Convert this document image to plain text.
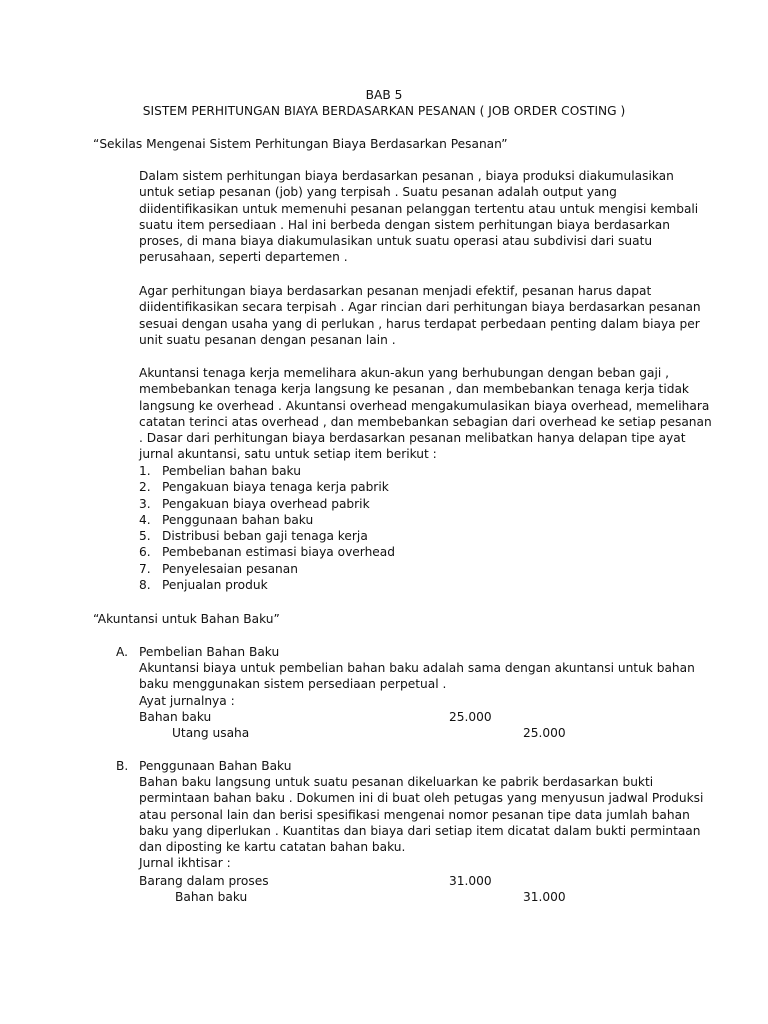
BAB 5
SISTEM PERHITUNGAN BIAYA BERDASARKAN PESANAN ( JOB ORDER COSTING )
“Sekilas Mengenai Sistem Perhitungan Biaya Berdasarkan Pesanan”
Dalam sistem perhitungan biaya berdasarkan pesanan , biaya produksi diakumulasikan
untuk setiap pesanan (job) yang terpisah . Suatu pesanan adalah output yang
diidentifikasikan untuk memenuhi pesanan pelanggan tertentu atau untuk mengisi kembali
suatu item persediaan . Hal ini berbeda dengan sistem perhitungan biaya berdasarkan
proses, di mana biaya diakumulasikan untuk suatu operasi atau subdivisi dari suatu
perusahaan, seperti departemen .
Agar perhitungan biaya berdasarkan pesanan menjadi efektif, pesanan harus dapat
diidentifikasikan secara terpisah . Agar rincian dari perhitungan biaya berdasarkan pesanan
sesuai dengan usaha yang di perlukan , harus terdapat perbedaan penting dalam biaya per
unit suatu pesanan dengan pesanan lain .
Akuntansi tenaga kerja memelihara akun-akun yang berhubungan dengan beban gaji ,
membebankan tenaga kerja langsung ke pesanan , dan membebankan tenaga kerja tidak
langsung ke overhead . Akuntansi overhead mengakumulasikan biaya overhead, memelihara
catatan terinci atas overhead , dan membebankan sebagian dari overhead ke setiap pesanan
. Dasar dari perhitungan biaya berdasarkan pesanan melibatkan hanya delapan tipe ayat
jurnal akuntansi, satu untuk setiap item berikut :
1. Pembelian bahan baku
2. Pengakuan biaya tenaga kerja pabrik
3. Pengakuan biaya overhead pabrik
4. Penggunaan bahan baku
5. Distribusi beban gaji tenaga kerja
6. Pembebanan estimasi biaya overhead
7. Penyelesaian pesanan
8. Penjualan produk
“Akuntansi untuk Bahan Baku”
A. Pembelian Bahan Baku
Akuntansi biaya untuk pembelian bahan baku adalah sama dengan akuntansi untuk bahan
baku menggunakan sistem persediaan perpetual .
Ayat jurnalnya :
Bahan baku	25.000
Utang usaha	25.000
B. Penggunaan Bahan Baku
Bahan baku langsung untuk suatu pesanan dikeluarkan ke pabrik berdasarkan bukti
permintaan bahan baku . Dokumen ini di buat oleh petugas yang menyusun jadwal Produksi
atau personal lain dan berisi spesifikasi mengenai nomor pesanan tipe data jumlah bahan
baku yang diperlukan . Kuantitas dan biaya dari setiap item dicatat dalam bukti permintaan
dan diposting ke kartu catatan bahan baku.
Jurnal ikhtisar :
Barang dalam proses	31.000
Bahan baku	31.000
